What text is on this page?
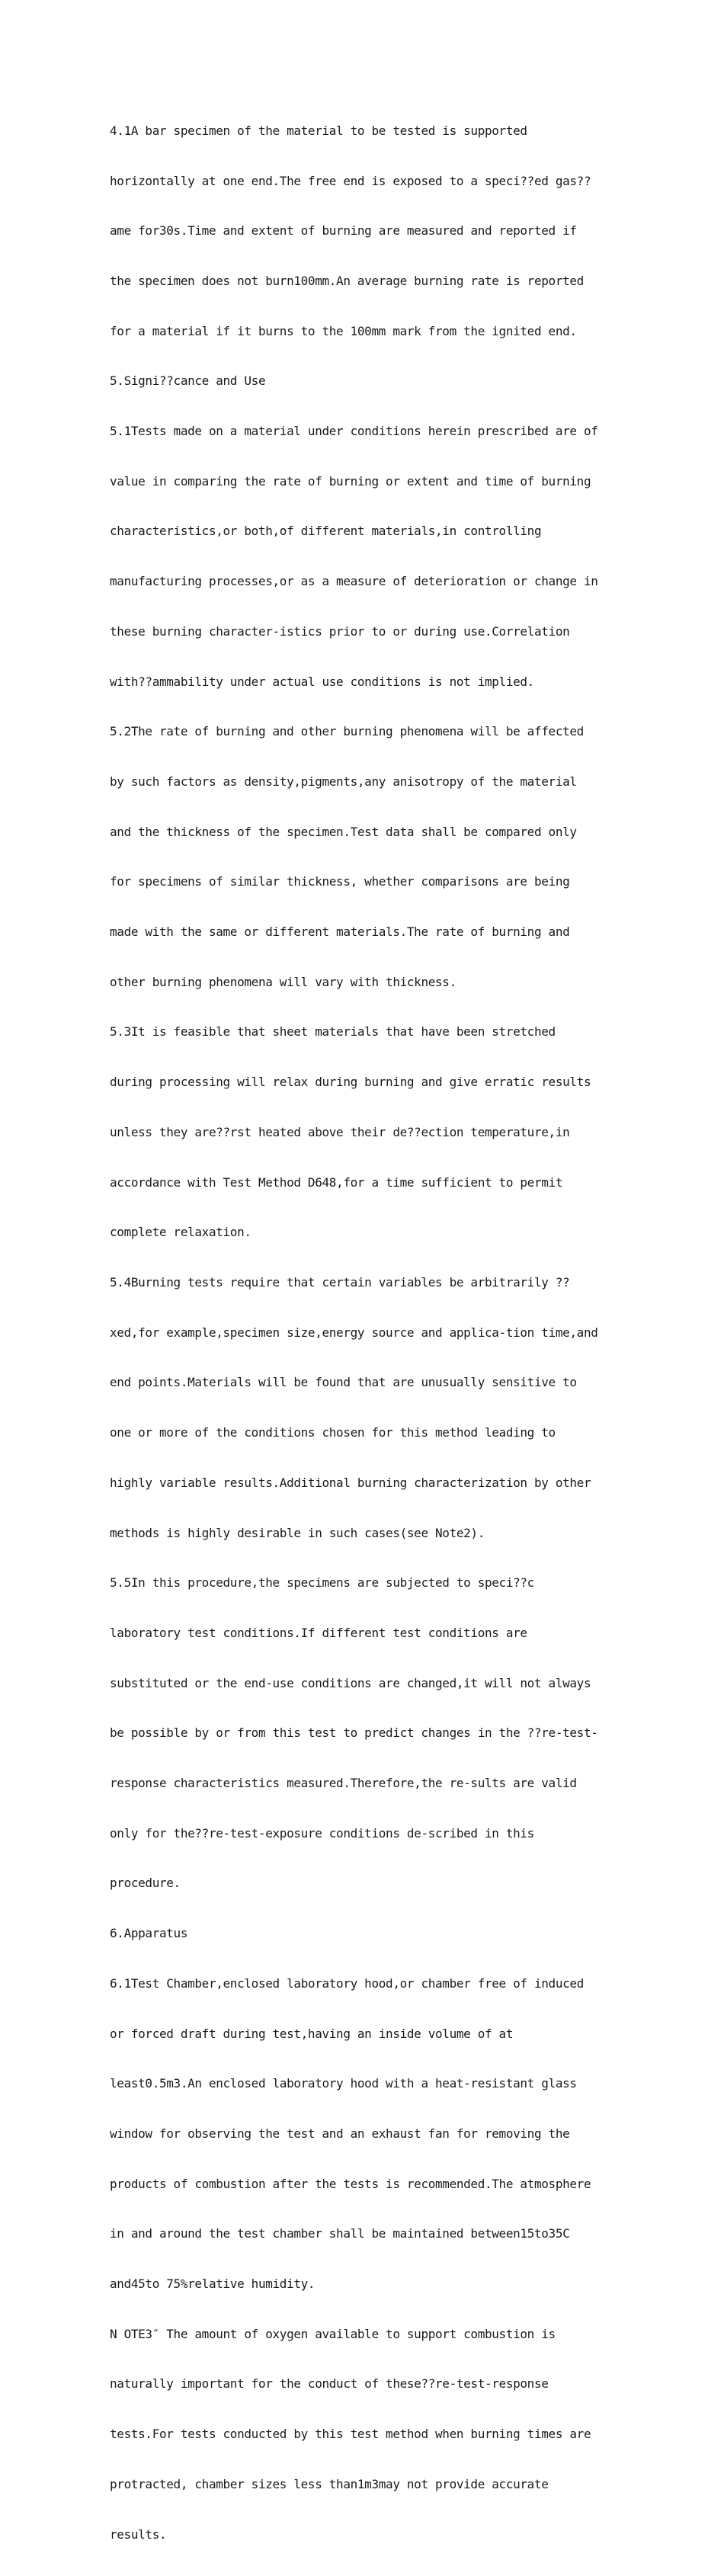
4.1A bar specimen of the material to be tested is supported

horizontally at one end.The free end is exposed to a speci??ed gas??

ame for30s.Time and extent of burning are measured and reported if

the specimen does not burn100mm.An average burning rate is reported

for a material if it burns to the 100mm mark from the ignited end.

5.Signi??cance and Use

5.1Tests made on a material under conditions herein prescribed are of

value in comparing the rate of burning or extent and time of burning

characteristics,or both,of different materials,in controlling

manufacturing processes,or as a measure of deterioration or change in

these burning character-istics prior to or during use.Correlation

with??ammability under actual use conditions is not implied.

5.2The rate of burning and other burning phenomena will be affected

by such factors as density,pigments,any anisotropy of the material

and the thickness of the specimen.Test data shall be compared only

for specimens of similar thickness, whether comparisons are being

made with the same or different materials.The rate of burning and

other burning phenomena will vary with thickness.

5.3It is feasible that sheet materials that have been stretched

during processing will relax during burning and give erratic results

unless they are??rst heated above their de??ection temperature,in

accordance with Test Method D648,for a time sufficient to permit

complete relaxation.

5.4Burning tests require that certain variables be arbitrarily ??

xed,for example,specimen size,energy source and applica-tion time,and

end points.Materials will be found that are unusually sensitive to

one or more of the conditions chosen for this method leading to

highly variable results.Additional burning characterization by other

methods is highly desirable in such cases(see Note2).

5.5In this procedure,the specimens are subjected to speci??c

laboratory test conditions.If different test conditions are

substituted or the end-use conditions are changed,it will not always

be possible by or from this test to predict changes in the ??re-test-

response characteristics measured.Therefore,the re-sults are valid

only for the??re-test-exposure conditions de-scribed in this

procedure.

6.Apparatus

6.1Test Chamber,enclosed laboratory hood,or chamber free of induced

or forced draft during test,having an inside volume of at

least0.5m3.An enclosed laboratory hood with a heat-resistant glass

window for observing the test and an exhaust fan for removing the

products of combustion after the tests is recommended.The atmosphere

in and around the test chamber shall be maintained between15to35C

and45to 75%relative humidity.

N OTE3″ The amount of oxygen available to support combustion is

naturally important for the conduct of these??re-test-response

tests.For tests conducted by this test method when burning times are

protracted, chamber sizes less than1m3may not provide accurate

results.
